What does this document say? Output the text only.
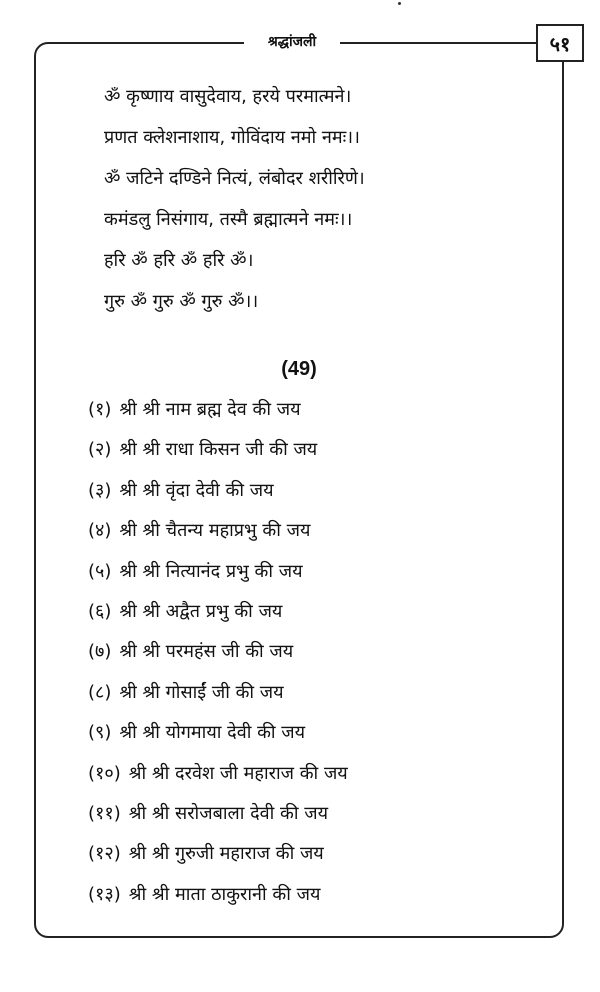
श्रद्धांजली	५१
ॐ कृष्णाय वासुदेवाय, हरये परमात्मने।
प्रणत क्लेशनाशाय, गोविंदाय नमो नमः।।
ॐ जटिने दण्डिने नित्यं, लंबोदर शरीरिणे।
कमंडलु निसंगाय, तस्मै ब्रह्मात्मने नमः।।
हरि ॐ हरि ॐ हरि ॐ।
गुरु ॐ गुरु ॐ गुरु ॐ।।
(49)
(१) श्री श्री नाम ब्रह्म देव की जय
(२) श्री श्री राधा किसन जी की जय
(३) श्री श्री वृंदा देवी की जय
(४) श्री श्री चैतन्य महाप्रभु की जय
(५) श्री श्री नित्यानंद प्रभु की जय
(६) श्री श्री अद्वैत प्रभु की जय
(७) श्री श्री परमहंस जी की जय
(८) श्री श्री गोसाईं जी की जय
(९) श्री श्री योगमाया देवी की जय
(१०) श्री श्री दरवेश जी महाराज की जय
(११) श्री श्री सरोजबाला देवी की जय
(१२) श्री श्री गुरुजी महाराज की जय
(१३) श्री श्री माता ठाकुरानी की जय
